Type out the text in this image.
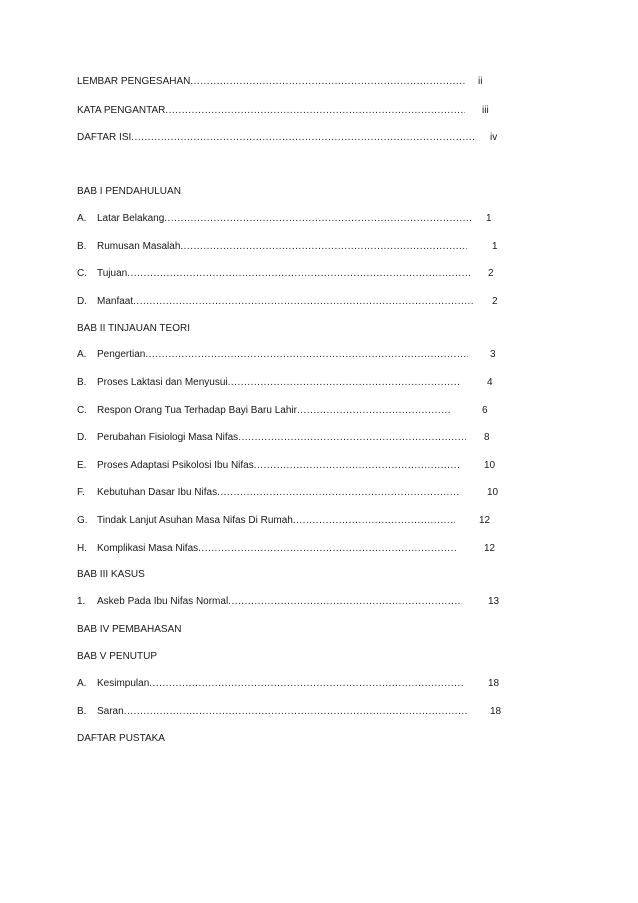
LEMBAR PENGESAHAN .....	ii
KATA PENGANTAR .....	iii
DAFTAR ISI .....	iv
BAB I PENDAHULUAN
A.	Latar Belakang .....	1
B.	Rumusan Masalah .....	1
C.	Tujuan .....	2
D.	Manfaat .....	2
BAB II TINJAUAN TEORI
A.	Pengertian .....	3
B.	Proses Laktasi dan Menyusui .....	4
C.	Respon Orang Tua Terhadap Bayi Baru Lahir .....	6
D.	Perubahan Fisiologi Masa Nifas .....	8
E.	Proses Adaptasi Psikolosi Ibu Nifas .....	10
F.	Kebutuhan Dasar Ibu Nifas .....	10
G. Tindak Lanjut Asuhan Masa Nifas Di Rumah .....	12
H.	Komplikasi Masa Nifas .....	12
BAB III KASUS
1.	Askeb Pada Ibu Nifas Normal .....	13
BAB IV PEMBAHASAN
BAB V PENUTUP
A.	Kesimpulan .....	18
B.	Saran .....	18
DAFTAR PUSTAKA
